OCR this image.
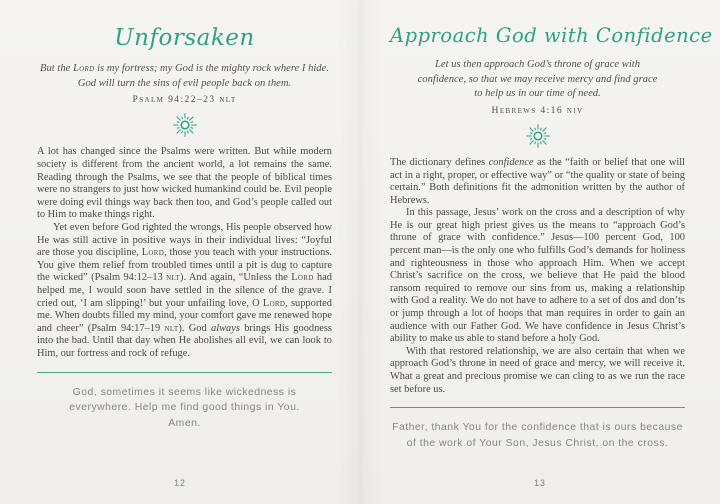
Unforsaken
But the Lord is my fortress; my God is the mighty rock where I hide. God will turn the sins of evil people back on them.
Psalm 94:22–23 nlt

A lot has changed since the Psalms were written. But while modern society is different from the ancient world, a lot remains the same. Reading through the Psalms, we see that the people of biblical times were no strangers to just how wicked humankind could be. Evil people were doing evil things way back then too, and God’s people called out to Him to make things right.

Yet even before God righted the wrongs, His people observed how He was still active in positive ways in their individual lives: “Joyful are those you discipline, Lord, those you teach with your instructions. You give them relief from troubled times until a pit is dug to capture the wicked” (Psalm 94:12–13 nlt). And again, “Unless the Lord had helped me, I would soon have settled in the silence of the grave. I cried out, ‘I am slipping!’ but your unfailing love, O Lord, supported me. When doubts filled my mind, your comfort gave me renewed hope and cheer” (Psalm 94:17–19 nlt). God always brings His goodness into the bad. Until that day when He abolishes all evil, we can look to Him, our fortress and rock of refuge.

God, sometimes it seems like wickedness is everywhere. Help me find good things in You. Amen.
12
Approach God with Confidence
Let us then approach God’s throne of grace with confidence, so that we may receive mercy and find grace to help us in our time of need.
Hebrews 4:16 niv

The dictionary defines confidence as the “faith or belief that one will act in a right, proper, or effective way” or “the quality or state of being certain.” Both definitions fit the admonition written by the author of Hebrews.

In this passage, Jesus’ work on the cross and a description of why He is our great high priest gives us the means to “approach God’s throne of grace with confidence.” Jesus—100 percent God, 100 percent man—is the only one who fulfills God’s demands for holiness and righteousness in those who approach Him. When we accept Christ’s sacrifice on the cross, we believe that He paid the blood ransom required to remove our sins from us, making a relationship with God a reality. We do not have to adhere to a set of dos and don’ts or jump through a lot of hoops that man requires in order to gain an audience with our Father God. We have confidence in Jesus Christ’s ability to make us able to stand before a holy God.

With that restored relationship, we are also certain that when we approach God’s throne in need of grace and mercy, we will receive it. What a great and precious promise we can cling to as we run the race set before us.

Father, thank You for the confidence that is ours because of the work of Your Son, Jesus Christ, on the cross.
13
